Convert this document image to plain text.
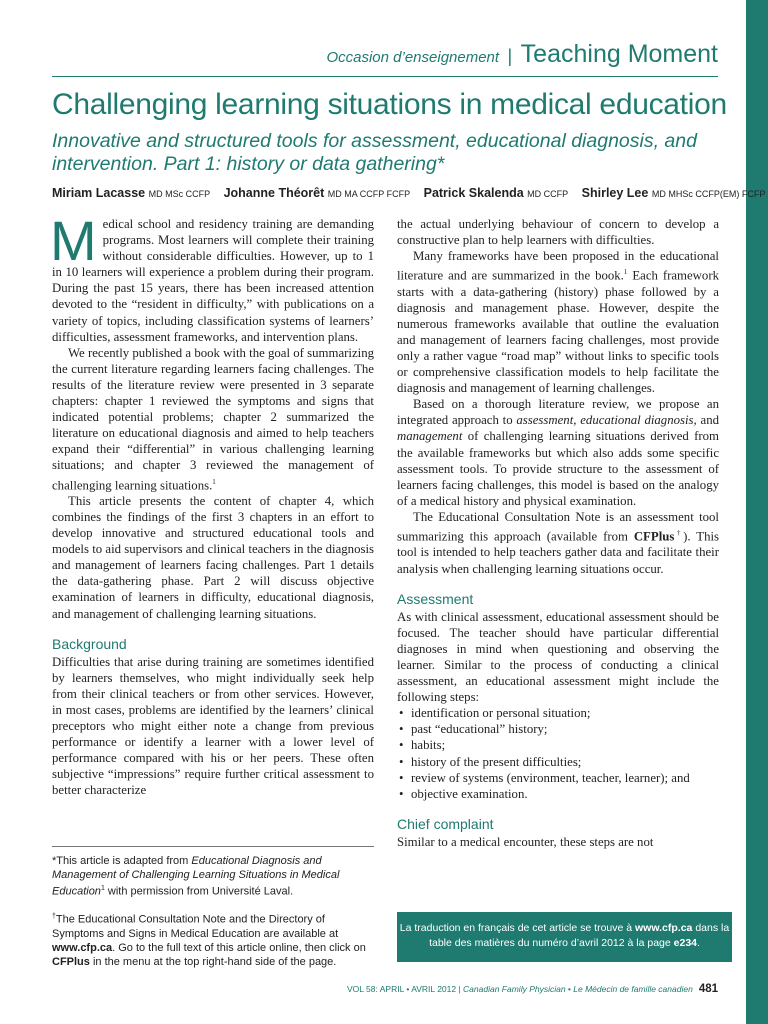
Occasion d’enseignement | Teaching Moment
Challenging learning situations in medical education
Innovative and structured tools for assessment, educational diagnosis, and intervention. Part 1: history or data gathering*
Miriam Lacasse MD MSc CCFP Johanne Théorêt MD MA CCFP FCFP Patrick Skalenda MD CCFP Shirley Lee MD MHSc CCFP(EM) FCFP

Medical school and residency training are demanding programs. Most learners will complete their training without considerable difficulties. However, up to 1 in 10 learners will experience a problem during their program. During the past 15 years, there has been increased attention devoted to the “resident in difficulty,” with publications on a variety of topics, including classification systems of learners’ difficulties, assessment frameworks, and intervention plans.

We recently published a book with the goal of summarizing the current literature regarding learners facing challenges. The results of the literature review were presented in 3 separate chapters: chapter 1 reviewed the symptoms and signs that indicated potential problems; chapter 2 summarized the literature on educational diagnosis and aimed to help teachers expand their “differential” in various challenging learning situations; and chapter 3 reviewed the management of challenging learning situations.$^1$

This article presents the content of chapter 4, which combines the findings of the first 3 chapters in an effort to develop innovative and structured educational tools and models to aid supervisors and clinical teachers in the diagnosis and management of learners facing challenges. Part 1 details the data-gathering phase. Part 2 will discuss objective examination of learners in difficulty, educational diagnosis, and management of challenging learning situations.

Background

Difficulties that arise during training are sometimes identified by learners themselves, who might individually seek help from their clinical teachers or from other services. However, in most cases, problems are identified by the learners’ clinical preceptors who might either note a change from previous performance or identify a learner with a lower level of performance compared with his or her peers. These often subjective “impressions” require further critical assessment to better characterize

the actual underlying behaviour of concern to develop a constructive plan to help learners with difficulties.

Many frameworks have been proposed in the educational literature and are summarized in the book.$^1$ Each framework starts with a data-gathering (history) phase followed by a diagnosis and management phase. However, despite the numerous frameworks available that outline the evaluation and management of learners facing challenges, most provide only a rather vague “road map” without links to specific tools or comprehensive classification models to help facilitate the diagnosis and management of learning challenges.

Based on a thorough literature review, we propose an integrated approach to assessment, educational diagnosis, and management of challenging learning situations derived from the available frameworks but which also adds some specific assessment tools. To provide structure to the assessment of learners facing challenges, this model is based on the analogy of a medical history and physical examination.

The Educational Consultation Note is an assessment tool summarizing this approach (available from CFPlus†). This tool is intended to help teachers gather data and facilitate their analysis when challenging learning situations occur.

Assessment

As with clinical assessment, educational assessment should be focused. The teacher should have particular differential diagnoses in mind when questioning and observing the learner. Similar to the process of conducting a clinical assessment, an educational assessment might include the following steps:

• identification or personal situation;
• past “educational” history;
• habits;
• history of the present difficulties;
• review of systems (environment, teacher, learner); and
• objective examination.
Chief complaint

Similar to a medical encounter, these steps are not

*This article is adapted from Educational Diagnosis and Management of Challenging Learning Situations in Medical Education$^1$ with permission from Université Laval.
†The Educational Consultation Note and the Directory of Symptoms and Signs in Medical Education are available at www.cfp.ca. Go to the full text of this article online, then click on CFPlus in the menu at the top right-hand side of the page.
La traduction en français de cet article se trouve à www.cfp.ca dans la table des matières du numéro d’avril 2012 à la page e234.
VOL 58: APRIL • AVRIL 2012 | Canadian Family Physician • Le Médecin de famille canadien 481
